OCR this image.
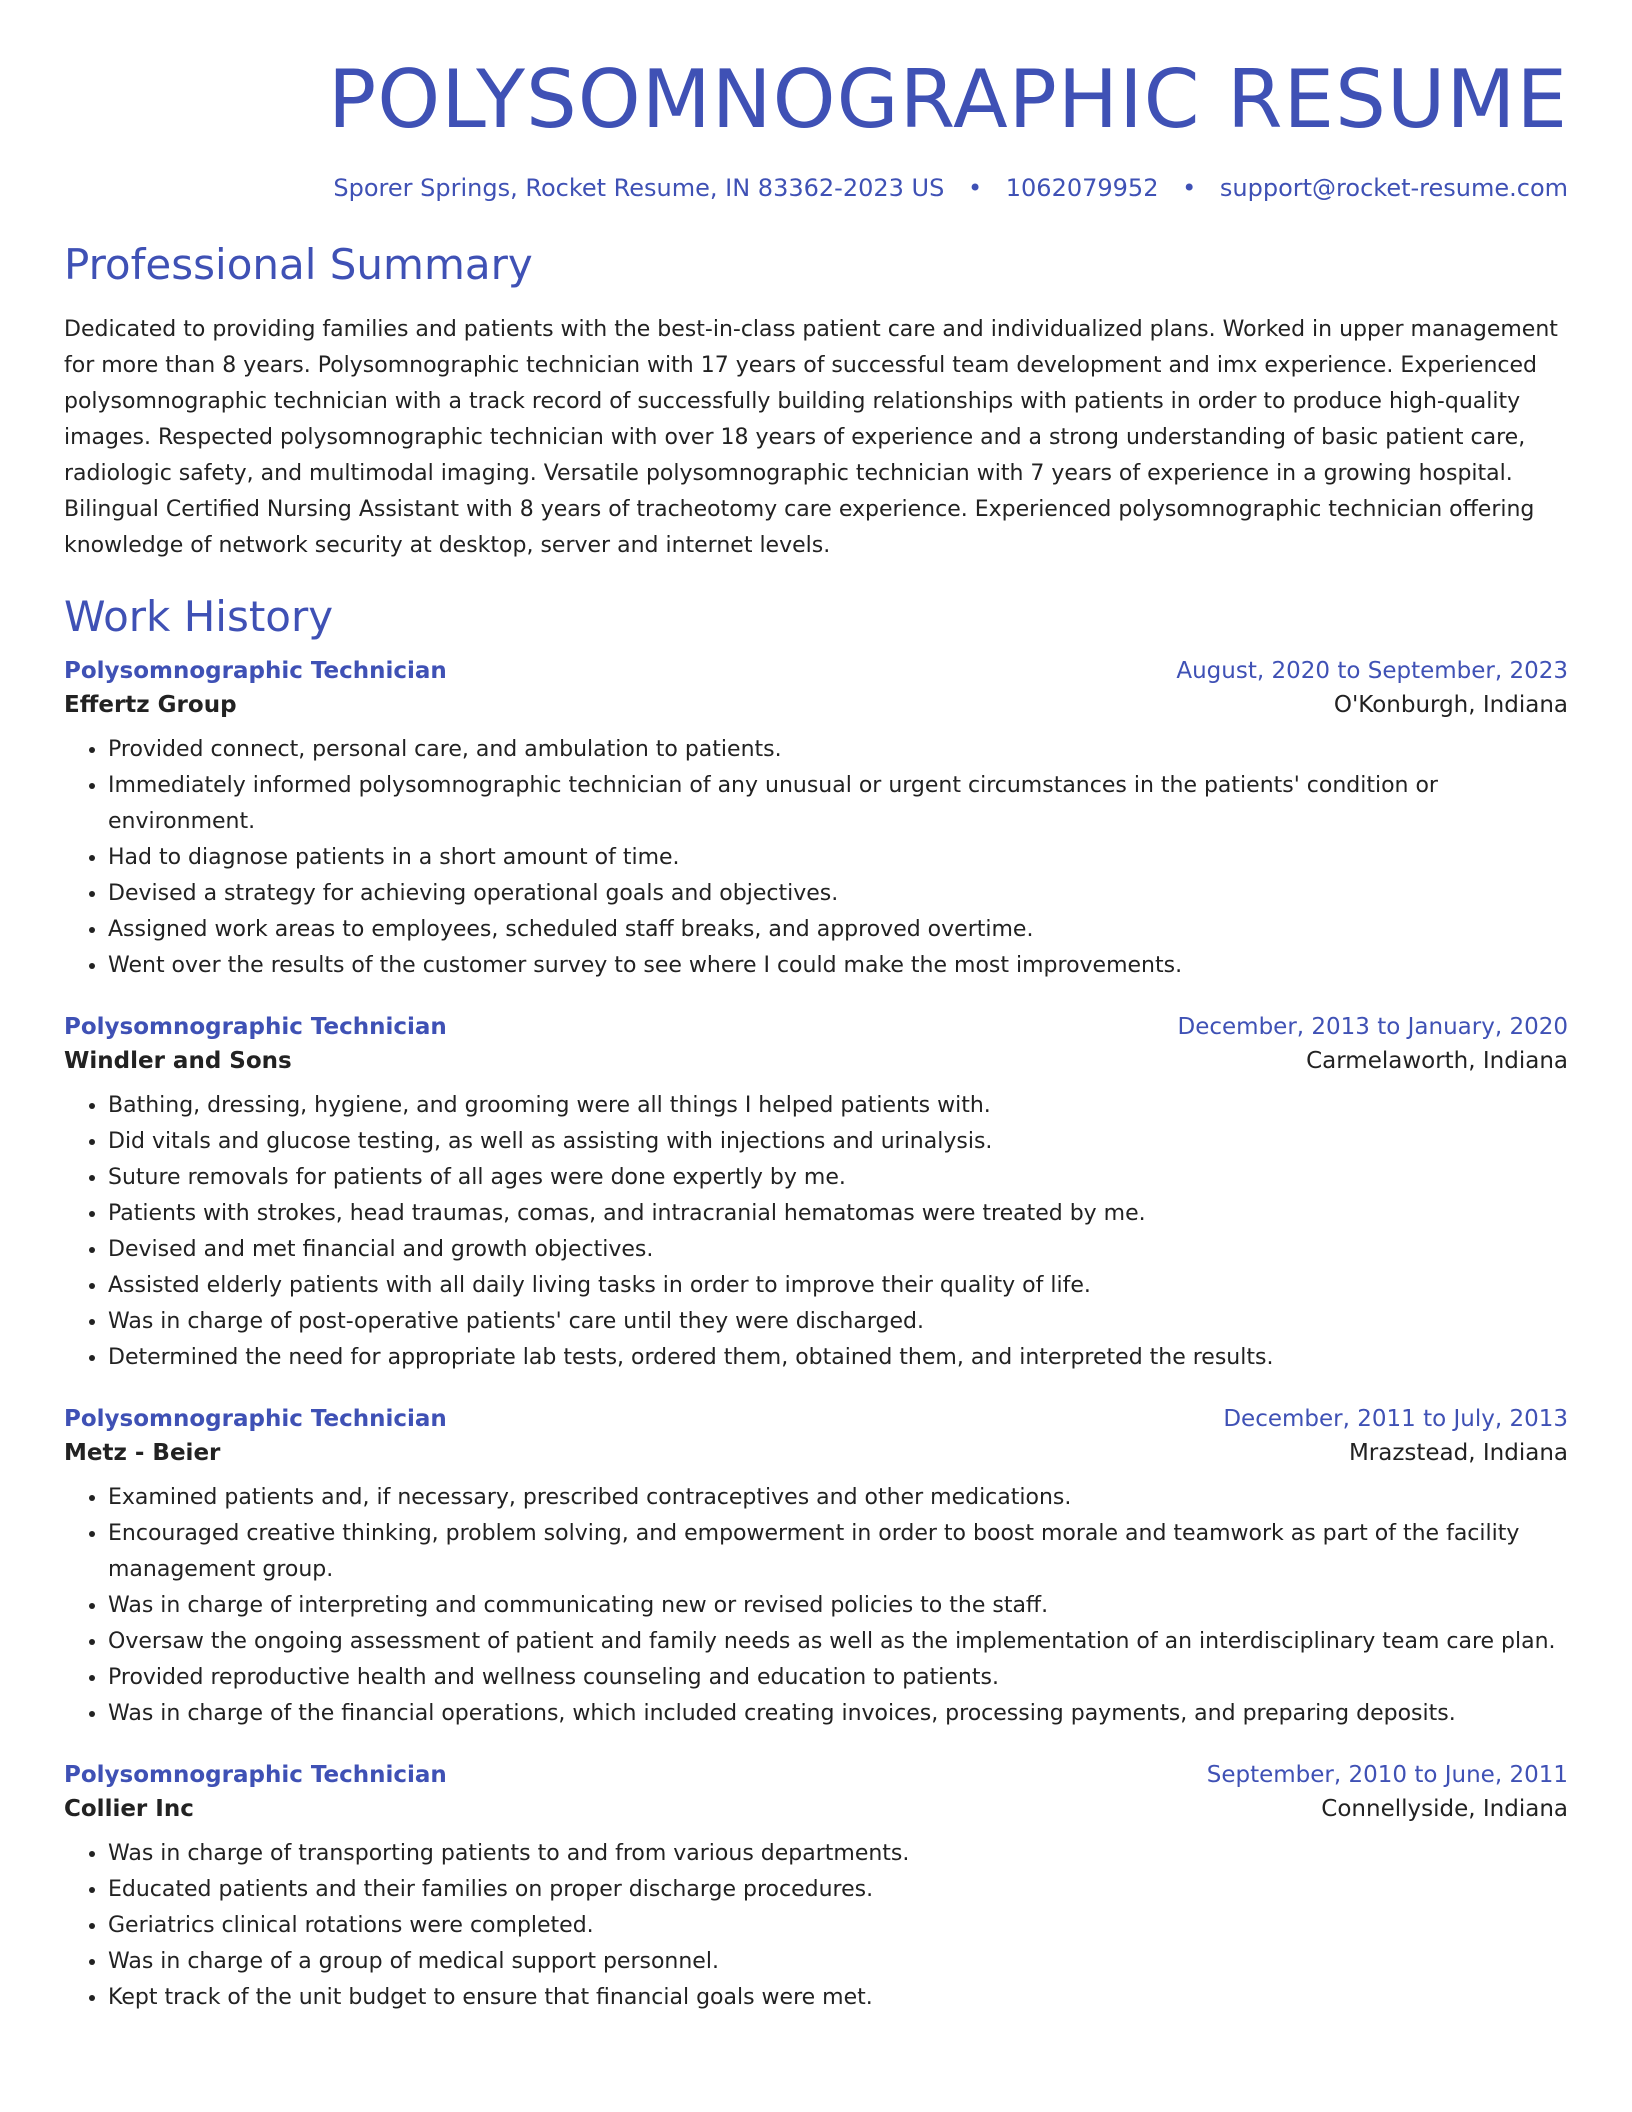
POLYSOMNOGRAPHIC RESUME
Sporer Springs, Rocket Resume, IN 83362-2023 US • 1062079952 • support@rocket-resume.com
Professional Summary
Dedicated to providing families and patients with the best-in-class patient care and individualized plans. Worked in upper management for more than 8 years. Polysomnographic technician with 17 years of successful team development and imx experience. Experienced polysomnographic technician with a track record of successfully building relationships with patients in order to produce high-quality images. Respected polysomnographic technician with over 18 years of experience and a strong understanding of basic patient care, radiologic safety, and multimodal imaging. Versatile polysomnographic technician with 7 years of experience in a growing hospital. Bilingual Certified Nursing Assistant with 8 years of tracheotomy care experience. Experienced polysomnographic technician offering knowledge of network security at desktop, server and internet levels.
Work History
Polysomnographic Technician	August, 2020 to September, 2023
Effertz Group	O'Konburgh, Indiana
• Provided connect, personal care, and ambulation to patients.
• Immediately informed polysomnographic technician of any unusual or urgent circumstances in the patients' condition or environment.
• Had to diagnose patients in a short amount of time.
• Devised a strategy for achieving operational goals and objectives.
• Assigned work areas to employees, scheduled staff breaks, and approved overtime.
• Went over the results of the customer survey to see where I could make the most improvements.
Polysomnographic Technician	December, 2013 to January, 2020
Windler and Sons	Carmelaworth, Indiana
• Bathing, dressing, hygiene, and grooming were all things I helped patients with.
• Did vitals and glucose testing, as well as assisting with injections and urinalysis.
• Suture removals for patients of all ages were done expertly by me.
• Patients with strokes, head traumas, comas, and intracranial hematomas were treated by me.
• Devised and met financial and growth objectives.
• Assisted elderly patients with all daily living tasks in order to improve their quality of life.
• Was in charge of post-operative patients' care until they were discharged.
• Determined the need for appropriate lab tests, ordered them, obtained them, and interpreted the results.
Polysomnographic Technician	December, 2011 to July, 2013
Metz - Beier	Mrazstead, Indiana
• Examined patients and, if necessary, prescribed contraceptives and other medications.
• Encouraged creative thinking, problem solving, and empowerment in order to boost morale and teamwork as part of the facility management group.
• Was in charge of interpreting and communicating new or revised policies to the staff.
• Oversaw the ongoing assessment of patient and family needs as well as the implementation of an interdisciplinary team care plan.
• Provided reproductive health and wellness counseling and education to patients.
• Was in charge of the financial operations, which included creating invoices, processing payments, and preparing deposits.
Polysomnographic Technician	September, 2010 to June, 2011
Collier Inc	Connellyside, Indiana
• Was in charge of transporting patients to and from various departments.
• Educated patients and their families on proper discharge procedures.
• Geriatrics clinical rotations were completed.
• Was in charge of a group of medical support personnel.
• Kept track of the unit budget to ensure that financial goals were met.
